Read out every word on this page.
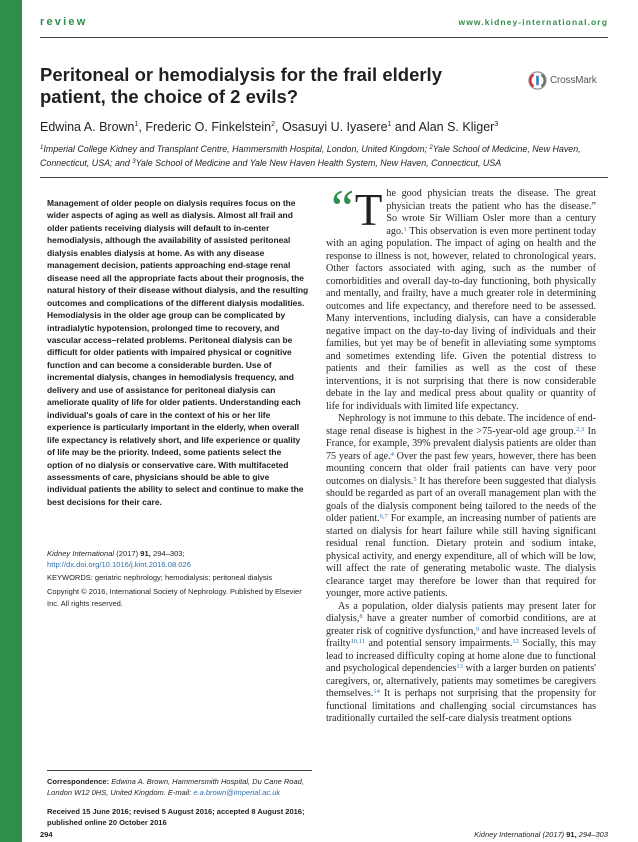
review	www.kidney-international.org
Peritoneal or hemodialysis for the frail elderly patient, the choice of 2 evils?
CrossMark
Edwina A. Brown$^1$, Frederic O. Finkelstein$^2$, Osasuyi U. Iyasere$^1$ and Alan S. Kliger$^3$
$^1$Imperial College Kidney and Transplant Centre, Hammersmith Hospital, London, United Kingdom; $^2$Yale School of Medicine, New Haven, Connecticut, USA; and $^3$Yale School of Medicine and Yale New Haven Health System, New Haven, Connecticut, USA

Management of older people on dialysis requires focus on the wider aspects of aging as well as dialysis. Almost all frail and older patients receiving dialysis will default to in-center hemodialysis, although the availability of assisted peritoneal dialysis enables dialysis at home. As with any disease management decision, patients approaching end-stage renal disease need all the appropriate facts about their prognosis, the natural history of their disease without dialysis, and the resulting outcomes and complications of the different dialysis modalities. Hemodialysis in the older age group can be complicated by intradialytic hypotension, prolonged time to recovery, and vascular access–related problems. Peritoneal dialysis can be difficult for older patients with impaired physical or cognitive function and can become a considerable burden. Use of incremental dialysis, changes in hemodialysis frequency, and delivery and use of assistance for peritoneal dialysis can ameliorate quality of life for older patients. Understanding each individual's goals of care in the context of his or her life experience is particularly important in the elderly, when overall life expectancy is relatively short, and life experience or quality of life may be the priority. Indeed, some patients select the option of no dialysis or conservative care. With multifaceted assessments of care, physicians should be able to give individual patients the ability to select and continue to make the best decisions for their care.

Kidney International (2017) 91, 294–303; http://dx.doi.org/10.1016/j.kint.2016.08.026

KEYWORDS: geriatric nephrology; hemodialysis; peritoneal dialysis

Copyright © 2016, International Society of Nephrology. Published by Elsevier Inc. All rights reserved.

Correspondence: Edwina A. Brown, Hammersmith Hospital, Du Cane Road, London W12 0HS, United Kingdom. E-mail: e.a.brown@imperial.ac.uk

Received 15 June 2016; revised 5 August 2016; accepted 8 August 2016; published online 20 October 2016

“T he good physician treats the disease. The great physician treats the patient who has the disease.” So wrote Sir William Osler more than a century ago.$^1$ This observation is even more pertinent today with an aging population. The impact of aging on health and the response to illness is not, however, related to chronological years. Other factors associated with aging, such as the number of comorbidities and overall day-to-day functioning, both physically and mentally, and frailty, have a much greater role in determining outcomes and life expectancy, and therefore need to be assessed. Many interventions, including dialysis, can have a considerable negative impact on the day-to-day living of individuals and their families, but yet may be of benefit in alleviating some symptoms and sometimes extending life. Given the potential distress to patients and their families as well as the cost of these interventions, it is not surprising that there is now considerable debate in the lay and medical press about quality or quantity of life for individuals with limited life expectancy.

Nephrology is not immune to this debate. The incidence of end-stage renal disease is highest in the >75-year-old age group.$^{2,3}$ In France, for example, 39% prevalent dialysis patients are older than 75 years of age.$^4$ Over the past few years, however, there has been mounting concern that older frail patients can have very poor outcomes on dialysis.$^5$ It has therefore been suggested that dialysis should be regarded as part of an overall management plan with the goals of the dialysis component being tailored to the needs of the older patient.$^{6,7}$ For example, an increasing number of patients are started on dialysis for heart failure while still having significant residual renal function. Dietary protein and sodium intake, physical activity, and energy expenditure, all of which will be low, will affect the rate of generating metabolic waste. The dialysis clearance target may therefore be lower than that required for younger, more active patients.

As a population, older dialysis patients may present later for dialysis,$^8$ have a greater number of comorbid conditions, are at greater risk of cognitive dysfunction,$^9$ and have increased levels of frailty$^{10,11}$ and potential sensory impairments.$^{12}$ Socially, this may lead to increased difficulty coping at home alone due to functional and psychological dependencies$^{13}$ with a larger burden on patients' caregivers, or, alternatively, patients may sometimes be caregivers themselves.$^{14}$ It is perhaps not surprising that the propensity for functional limitations and challenging social circumstances has traditionally curtailed the self-care dialysis treatment options

294	Kidney International (2017) 91, 294–303
